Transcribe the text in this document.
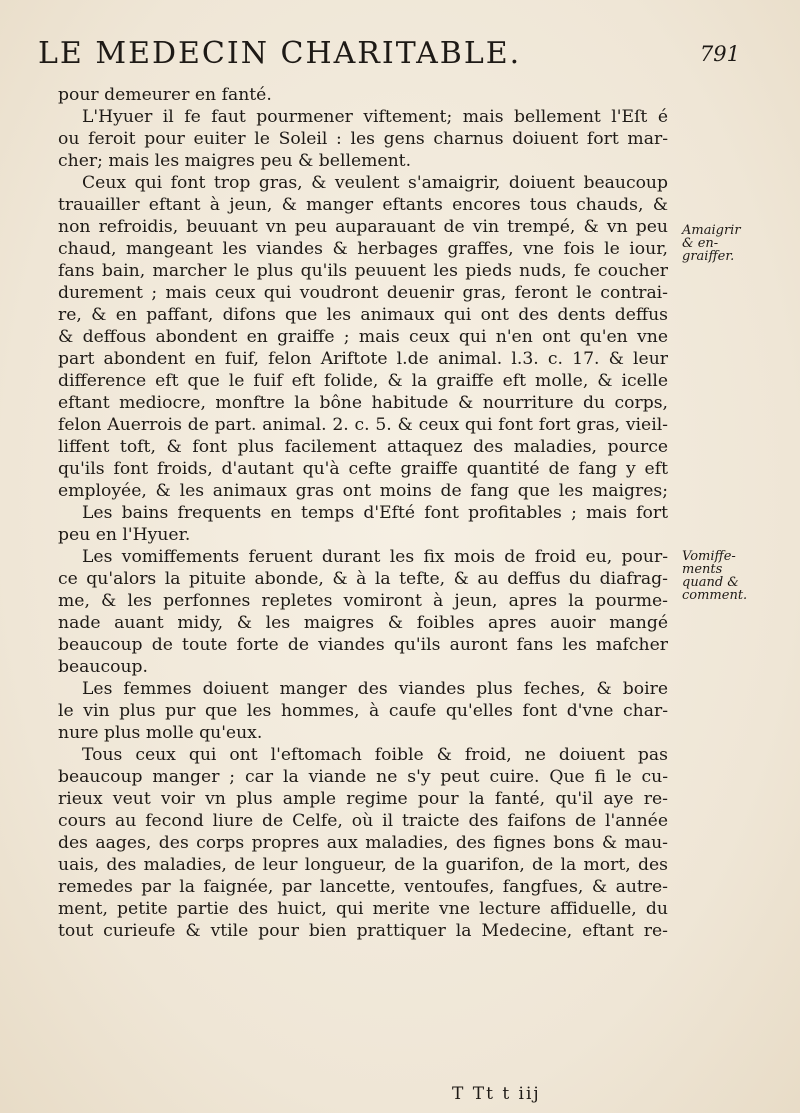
LE MEDECIN CHARITABLE.	791
pour demeurer en fanté.
L'Hyuer il fe faut pourmener viftement; mais bellement l'Eſt é
ou feroit pour euiter le Soleil : les gens charnus doiuent fort mar-
cher; mais les maigres peu & bellement.
Ceux qui font trop gras, & veulent s'amaigrir, doiuent beaucoup
trauailler eftant à jeun, & manger eftants encores tous chauds, &
non refroidis, beuuant vn peu auparauant de vin trempé, & vn peu
chaud, mangeant les viandes & herbages graffes, vne fois le iour,
fans bain, marcher le plus qu'ils peuuent les pieds nuds, fe coucher
durement ; mais ceux qui voudront deuenir gras, feront le contrai-
re, & en paffant, difons que les animaux qui ont des dents deffus
& deffous abondent en graiffe ; mais ceux qui n'en ont qu'en vne
part abondent en fuif, felon Ariftote l.de animal. l.3. c. 17. & leur
difference eft que le fuif eft folide, & la graiffe eft molle, & icelle
eftant mediocre, monftre la bône habitude & nourriture du corps,
felon Auerrois de part. animal. 2. c. 5. & ceux qui font fort gras, vieil-
liffent toft, & font plus facilement attaquez des maladies, pource
qu'ils font froids, d'autant qu'à cefte graiffe quantité de fang y eft
employée, & les animaux gras ont moins de fang que les maigres;
Les bains frequents en temps d'Efté font profitables ; mais fort
peu en l'Hyuer.
Les vomiffements feruent durant les fix mois de froid eu, pour-
ce qu'alors la pituite abonde, & à la tefte, & au deffus du diafrag-
me, & les perfonnes repletes vomiront à jeun, apres la pourme-
nade auant midy, & les maigres & foibles apres auoir mangé
beaucoup de toute forte de viandes qu'ils auront fans les mafcher
beaucoup.
Les femmes doiuent manger des viandes plus feches, & boire
le vin plus pur que les hommes, à caufe qu'elles font d'vne char-
nure plus molle qu'eux.
Tous ceux qui ont l'eftomach foible & froid, ne doiuent pas
beaucoup manger ; car la viande ne s'y peut cuire. Que fi le cu-
rieux veut voir vn plus ample regime pour la fanté, qu'il aye re-
cours au fecond liure de Celfe, où il traicte des faifons de l'année
des aages, des corps propres aux maladies, des fignes bons & mau-
uais, des maladies, de leur longueur, de la guarifon, de la mort, des
remedes par la faignée, par lancette, ventoufes, fangfues, & autre-
ment, petite partie des huict, qui merite vne lecture affiduelle, du
tout curieufe & vtile pour bien prattiquer la Medecine, eftant re-
Amaigrir
& en-
graiffer.
Vomiffe-
ments
quand &
comment.
T Tt t iij
